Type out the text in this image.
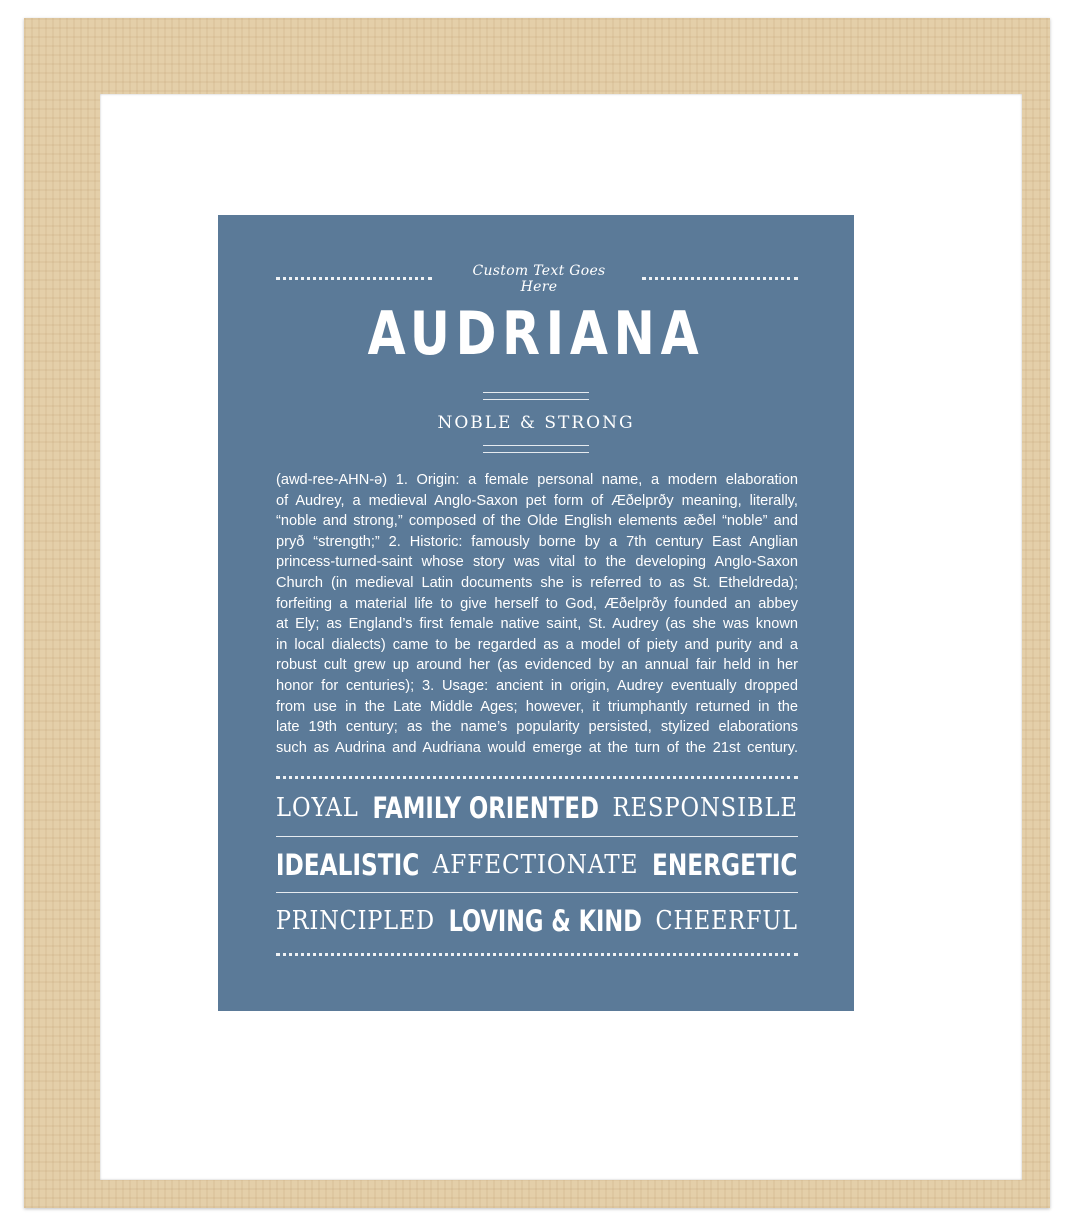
Custom Text Goes Here
AUDRIANA
NOBLE & STRONG
(awd-ree-AHN-ə) 1. Origin: a female personal name, a modern elaboration
of Audrey, a medieval Anglo-Saxon pet form of Æðelprðy meaning, literally,
“noble and strong,” composed of the Olde English elements æðel “noble” and
pryð “strength;” 2. Historic: famously borne by a 7th century East Anglian
princess-turned-saint whose story was vital to the developing Anglo-Saxon
Church (in medieval Latin documents she is referred to as St. Etheldreda);
forfeiting a material life to give herself to God, Æðelprðy founded an abbey
at Ely; as England’s first female native saint, St. Audrey (as she was known
in local dialects) came to be regarded as a model of piety and purity and a
robust cult grew up around her (as evidenced by an annual fair held in her
honor for centuries); 3. Usage: ancient in origin, Audrey eventually dropped
from use in the Late Middle Ages; however, it triumphantly returned in the
late 19th century; as the name’s popularity persisted, stylized elaborations
such as Audrina and Audriana would emerge at the turn of the 21st century.
LOYAL FAMILY ORIENTED RESPONSIBLE
IDEALISTIC AFFECTIONATE ENERGETIC
PRINCIPLED LOVING & KIND CHEERFUL
